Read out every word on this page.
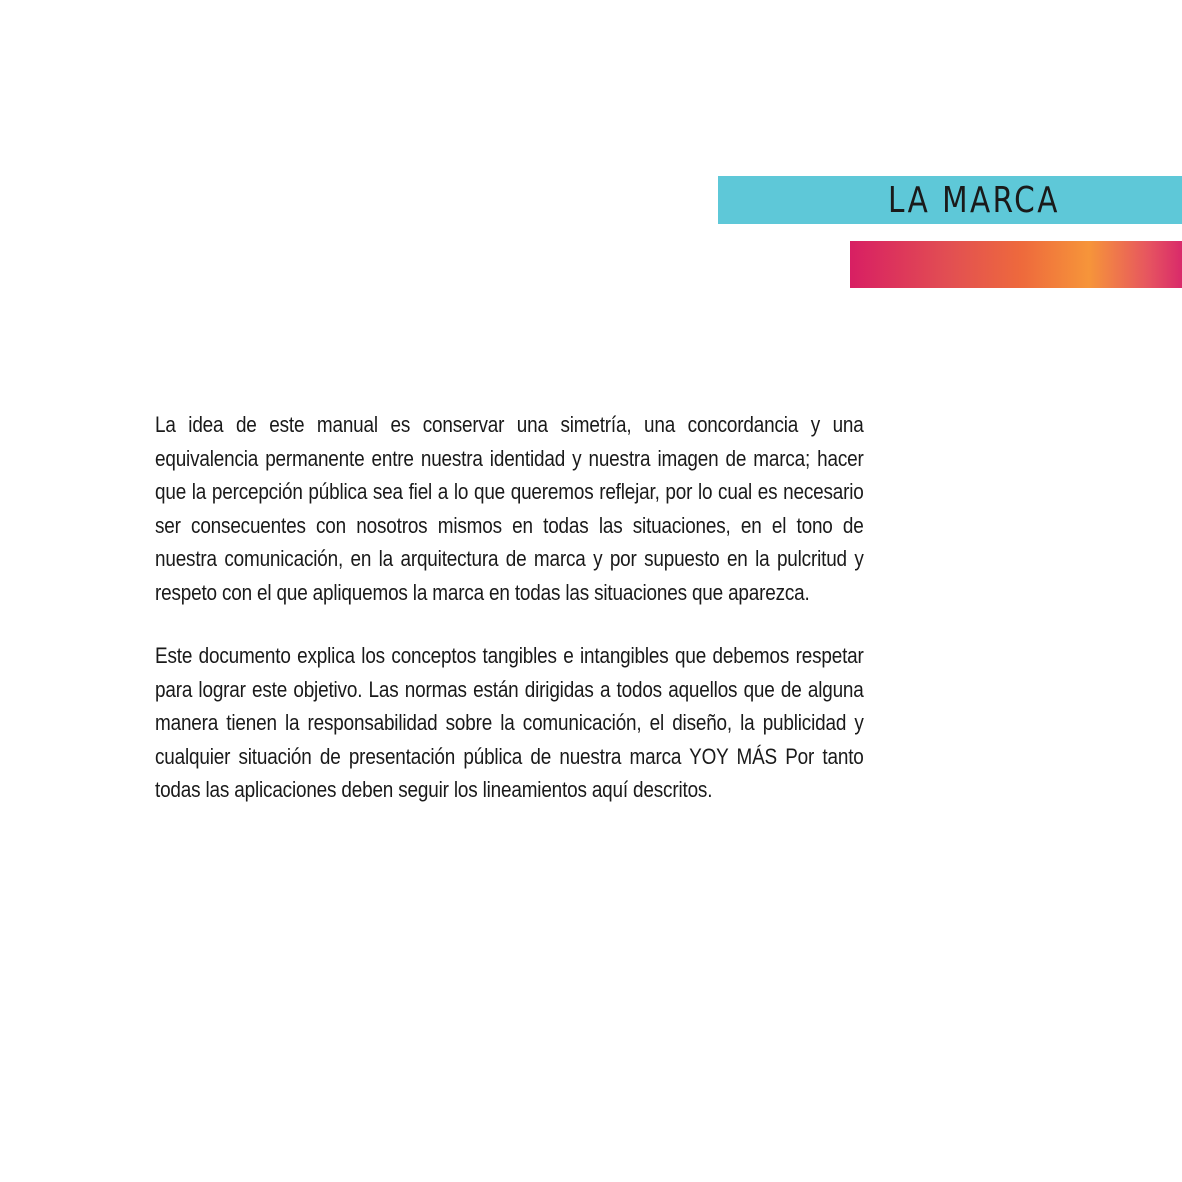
LA MARCA

La idea de este manual es conservar una simetría, una concordancia y una equivalencia permanente entre nuestra identidad y nuestra imagen de marca; hacer que la percepción pública sea fiel a lo que queremos reflejar, por lo cual es necesario ser consecuentes con nosotros mismos en todas las situaciones, en el tono de nuestra comunicación, en la arquitectura de marca y por supuesto en la pulcritud y respeto con el que apliquemos la marca en todas las situaciones que aparezca.

Este documento explica los conceptos tangibles e intangibles que debemos respetar para lograr este objetivo. Las normas están dirigidas a todos aquellos que de alguna manera tienen la responsabilidad sobre la comunicación, el diseño, la publicidad y cualquier situación de presentación pública de nuestra marca YOY MÁS Por tanto todas las aplicaciones deben seguir los lineamientos aquí descritos.
